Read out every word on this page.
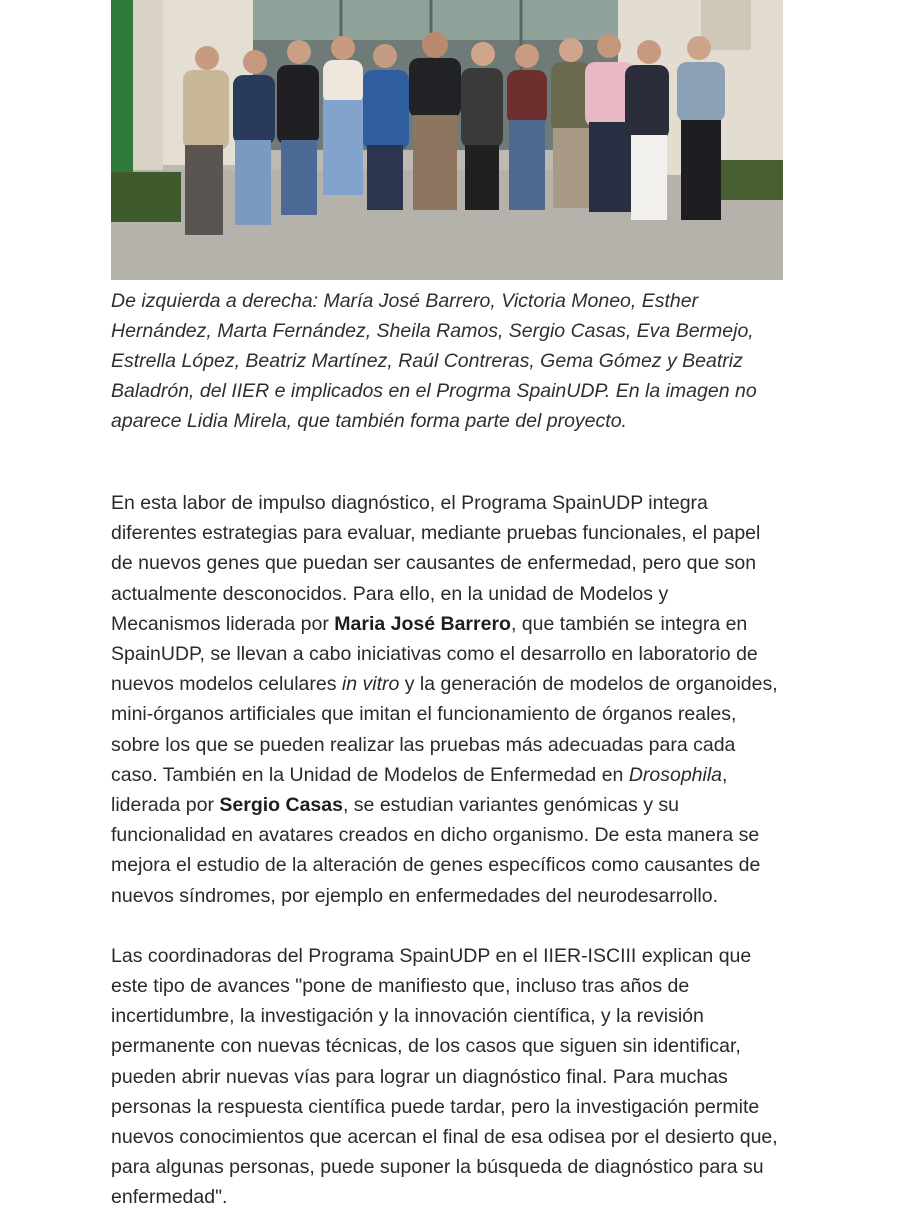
De izquierda a derecha: María José Barrero, Victoria Moneo, Esther Hernández, Marta Fernández, Sheila Ramos, Sergio Casas, Eva Bermejo, Estrella López, Beatriz Martínez, Raúl Contreras, Gema Gómez y Beatriz Baladrón, del IIER e implicados en el Progrma SpainUDP. En la imagen no aparece Lidia Mirela, que también forma parte del proyecto.

En esta labor de impulso diagnóstico, el Programa SpainUDP integra diferentes estrategias para evaluar, mediante pruebas funcionales, el papel de nuevos genes que puedan ser causantes de enfermedad, pero que son actualmente desconocidos. Para ello, en la unidad de Modelos y Mecanismos liderada por Maria José Barrero, que también se integra en SpainUDP, se llevan a cabo iniciativas como el desarrollo en laboratorio de nuevos modelos celulares in vitro y la generación de modelos de organoides, mini-órganos artificiales que imitan el funcionamiento de órganos reales, sobre los que se pueden realizar las pruebas más adecuadas para cada caso. También en la Unidad de Modelos de Enfermedad en Drosophila, liderada por Sergio Casas, se estudian variantes genómicas y su funcionalidad en avatares creados en dicho organismo. De esta manera se mejora el estudio de la alteración de genes específicos como causantes de nuevos síndromes, por ejemplo en enfermedades del neurodesarrollo.

Las coordinadoras del Programa SpainUDP en el IIER-ISCIII explican que este tipo de avances "pone de manifiesto que, incluso tras años de incertidumbre, la investigación y la innovación científica, y la revisión permanente con nuevas técnicas, de los casos que siguen sin identificar, pueden abrir nuevas vías para lograr un diagnóstico final. Para muchas personas la respuesta científica puede tardar, pero la investigación permite nuevos conocimientos que acercan el final de esa odisea por el desierto que, para algunas personas, puede suponer la búsqueda de diagnóstico para su enfermedad".
